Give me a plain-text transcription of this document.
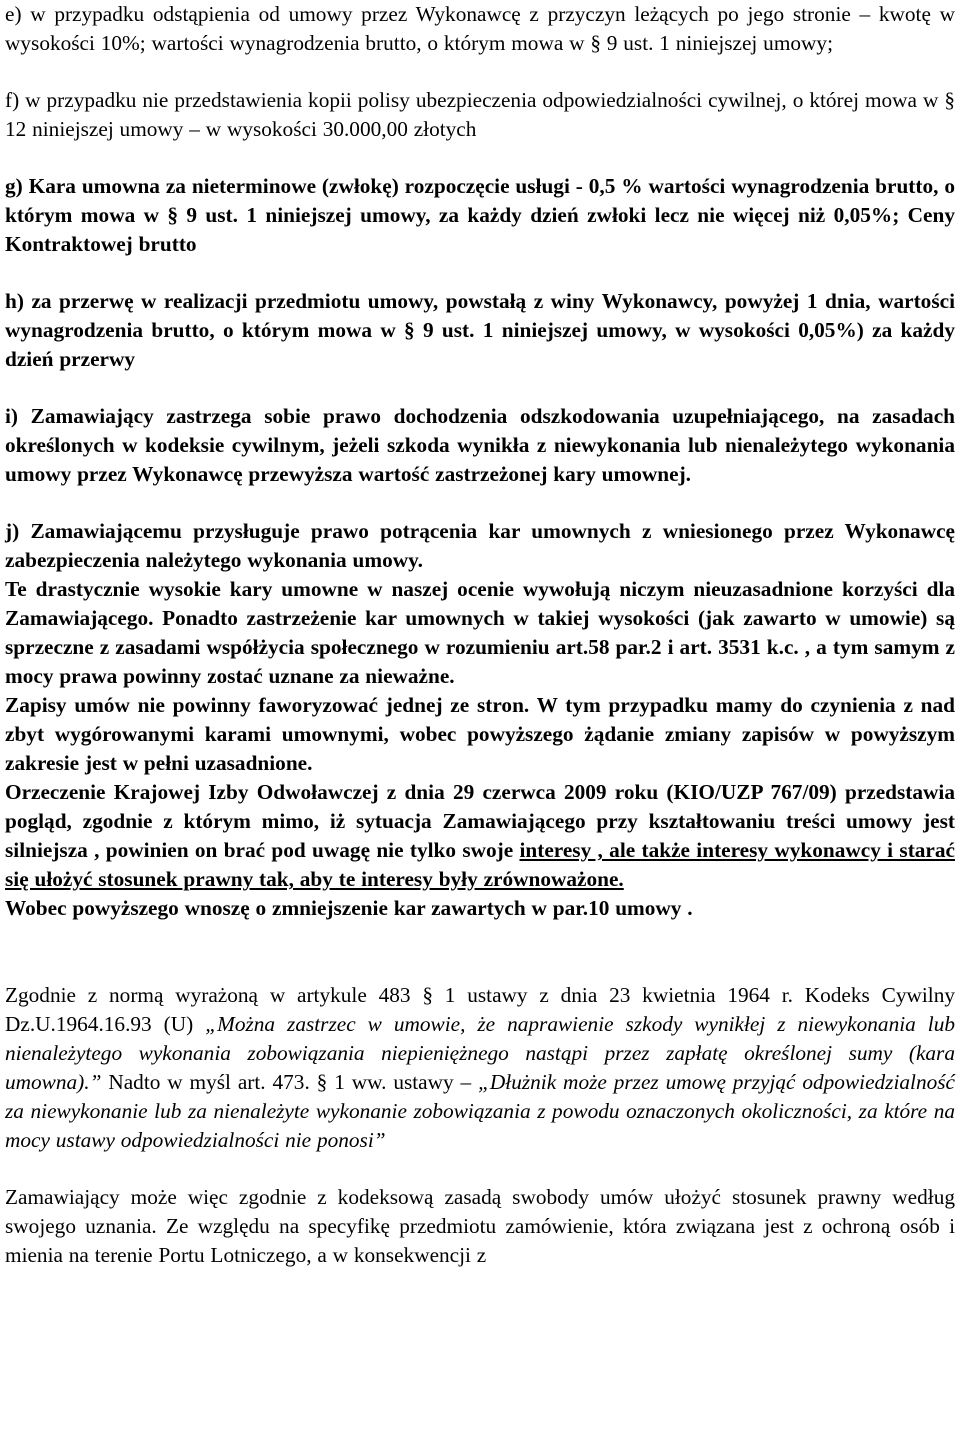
e) w przypadku odstąpienia od umowy przez Wykonawcę z przyczyn leżących po jego stronie – kwotę w wysokości 10%; wartości wynagrodzenia brutto, o którym mowa w § 9 ust. 1 niniejszej umowy;

f) w przypadku nie przedstawienia kopii polisy ubezpieczenia odpowiedzialności cywilnej, o której mowa w § 12 niniejszej umowy – w wysokości 30.000,00 złotych

g) Kara umowna za nieterminowe (zwłokę) rozpoczęcie usługi - 0,5 % wartości wynagrodzenia brutto, o którym mowa w § 9 ust. 1 niniejszej umowy, za każdy dzień zwłoki lecz nie więcej niż 0,05%; Ceny Kontraktowej brutto

h) za przerwę w realizacji przedmiotu umowy, powstałą z winy Wykonawcy, powyżej 1 dnia, wartości wynagrodzenia brutto, o którym mowa w § 9 ust. 1 niniejszej umowy, w wysokości 0,05%) za każdy dzień przerwy

i) Zamawiający zastrzega sobie prawo dochodzenia odszkodowania uzupełniającego, na zasadach określonych w kodeksie cywilnym, jeżeli szkoda wynikła z niewykonania lub nienależytego wykonania umowy przez Wykonawcę przewyższa wartość zastrzeżonej kary umownej.

j) Zamawiającemu przysługuje prawo potrącenia kar umownych z wniesionego przez Wykonawcę zabezpieczenia należytego wykonania umowy.

Te drastycznie wysokie kary umowne w naszej ocenie wywołują niczym nieuzasadnione korzyści dla Zamawiającego. Ponadto zastrzeżenie kar umownych w takiej wysokości (jak zawarto w umowie) są sprzeczne z zasadami współżycia społecznego w rozumieniu art.58 par.2 i art. 3531 k.c. , a tym samym z mocy prawa powinny zostać uznane za nieważne.

Zapisy umów nie powinny faworyzować jednej ze stron. W tym przypadku mamy do czynienia z nad zbyt wygórowanymi karami umownymi, wobec powyższego żądanie zmiany zapisów w powyższym zakresie jest w pełni uzasadnione.

Orzeczenie Krajowej Izby Odwoławczej z dnia 29 czerwca 2009 roku (KIO/UZP 767/09) przedstawia pogląd, zgodnie z którym mimo, iż sytuacja Zamawiającego przy kształtowaniu treści umowy jest silniejsza , powinien on brać pod uwagę nie tylko swoje interesy , ale także interesy wykonawcy i starać się ułożyć stosunek prawny tak, aby te interesy były zrównoważone.

Wobec powyższego wnoszę o zmniejszenie kar zawartych w par.10 umowy .

Zgodnie z normą wyrażoną w artykule 483 § 1 ustawy z dnia 23 kwietnia 1964 r. Kodeks Cywilny Dz.U.1964.16.93 (U) „Można zastrzec w umowie, że naprawienie szkody wynikłej z niewykonania lub nienależytego wykonania zobowiązania niepieniężnego nastąpi przez zapłatę określonej sumy (kara umowna).” Nadto w myśl art. 473. § 1 ww. ustawy – „Dłużnik może przez umowę przyjąć odpowiedzialność za niewykonanie lub za nienależyte wykonanie zobowiązania z powodu oznaczonych okoliczności, za które na mocy ustawy odpowiedzialności nie ponosi”

Zamawiający może więc zgodnie z kodeksową zasadą swobody umów ułożyć stosunek prawny według swojego uznania. Ze względu na specyfikę przedmiotu zamówienie, która związana jest z ochroną osób i mienia na terenie Portu Lotniczego, a w konsekwencji z
